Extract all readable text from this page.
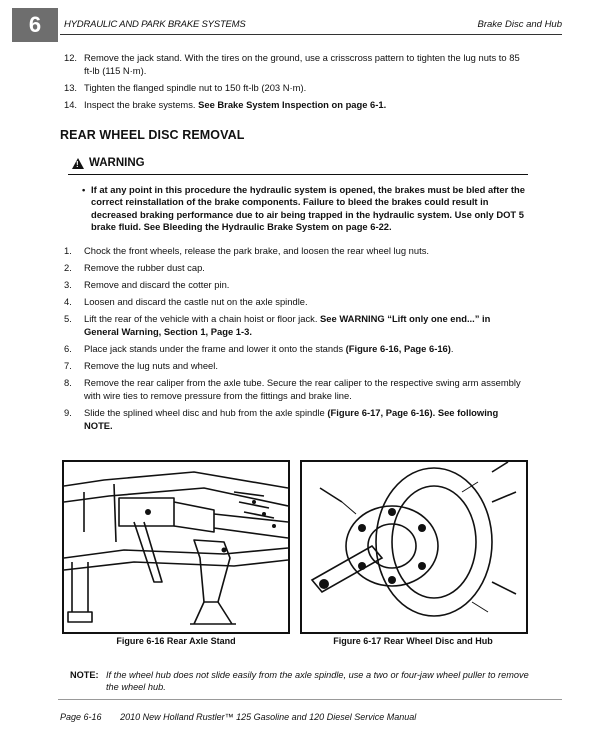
6	HYDRAULIC AND PARK BRAKE SYSTEMS	Brake Disc and Hub
12. Remove the jack stand. With the tires on the ground, use a crisscross pattern to tighten the lug nuts to 85 ft-lb (115 N·m).
13. Tighten the flanged spindle nut to 150 ft-lb (203 N·m).
14. Inspect the brake systems. See Brake System Inspection on page 6-1.
REAR WHEEL DISC REMOVAL
! WARNING
• If at any point in this procedure the hydraulic system is opened, the brakes must be bled after the correct reinstallation of the brake components. Failure to bleed the brakes could result in decreased braking performance due to air being trapped in the hydraulic system. Use only DOT 5 brake fluid. See Bleeding the Hydraulic Brake System on page 6-22.
1. Chock the front wheels, release the park brake, and loosen the rear wheel lug nuts.
2. Remove the rubber dust cap.
3. Remove and discard the cotter pin.
4. Loosen and discard the castle nut on the axle spindle.
5. Lift the rear of the vehicle with a chain hoist or floor jack. See WARNING “Lift only one end...” in General Warning, Section 1, Page 1-3.
6. Place jack stands under the frame and lower it onto the stands (Figure 6-16, Page 6-16).
7. Remove the lug nuts and wheel.
8. Remove the rear caliper from the axle tube. Secure the rear caliper to the respective swing arm assembly with wire ties to remove pressure from the fittings and brake line.
9. Slide the splined wheel disc and hub from the axle spindle (Figure 6-17, Page 6-16). See following NOTE.
Figure 6-16 Rear Axle Stand	Figure 6-17 Rear Wheel Disc and Hub
NOTE: If the wheel hub does not slide easily from the axle spindle, use a two or four-jaw wheel puller to remove the wheel hub.
Page 6-16 2010 New Holland Rustler™ 125 Gasoline and 120 Diesel Service Manual
